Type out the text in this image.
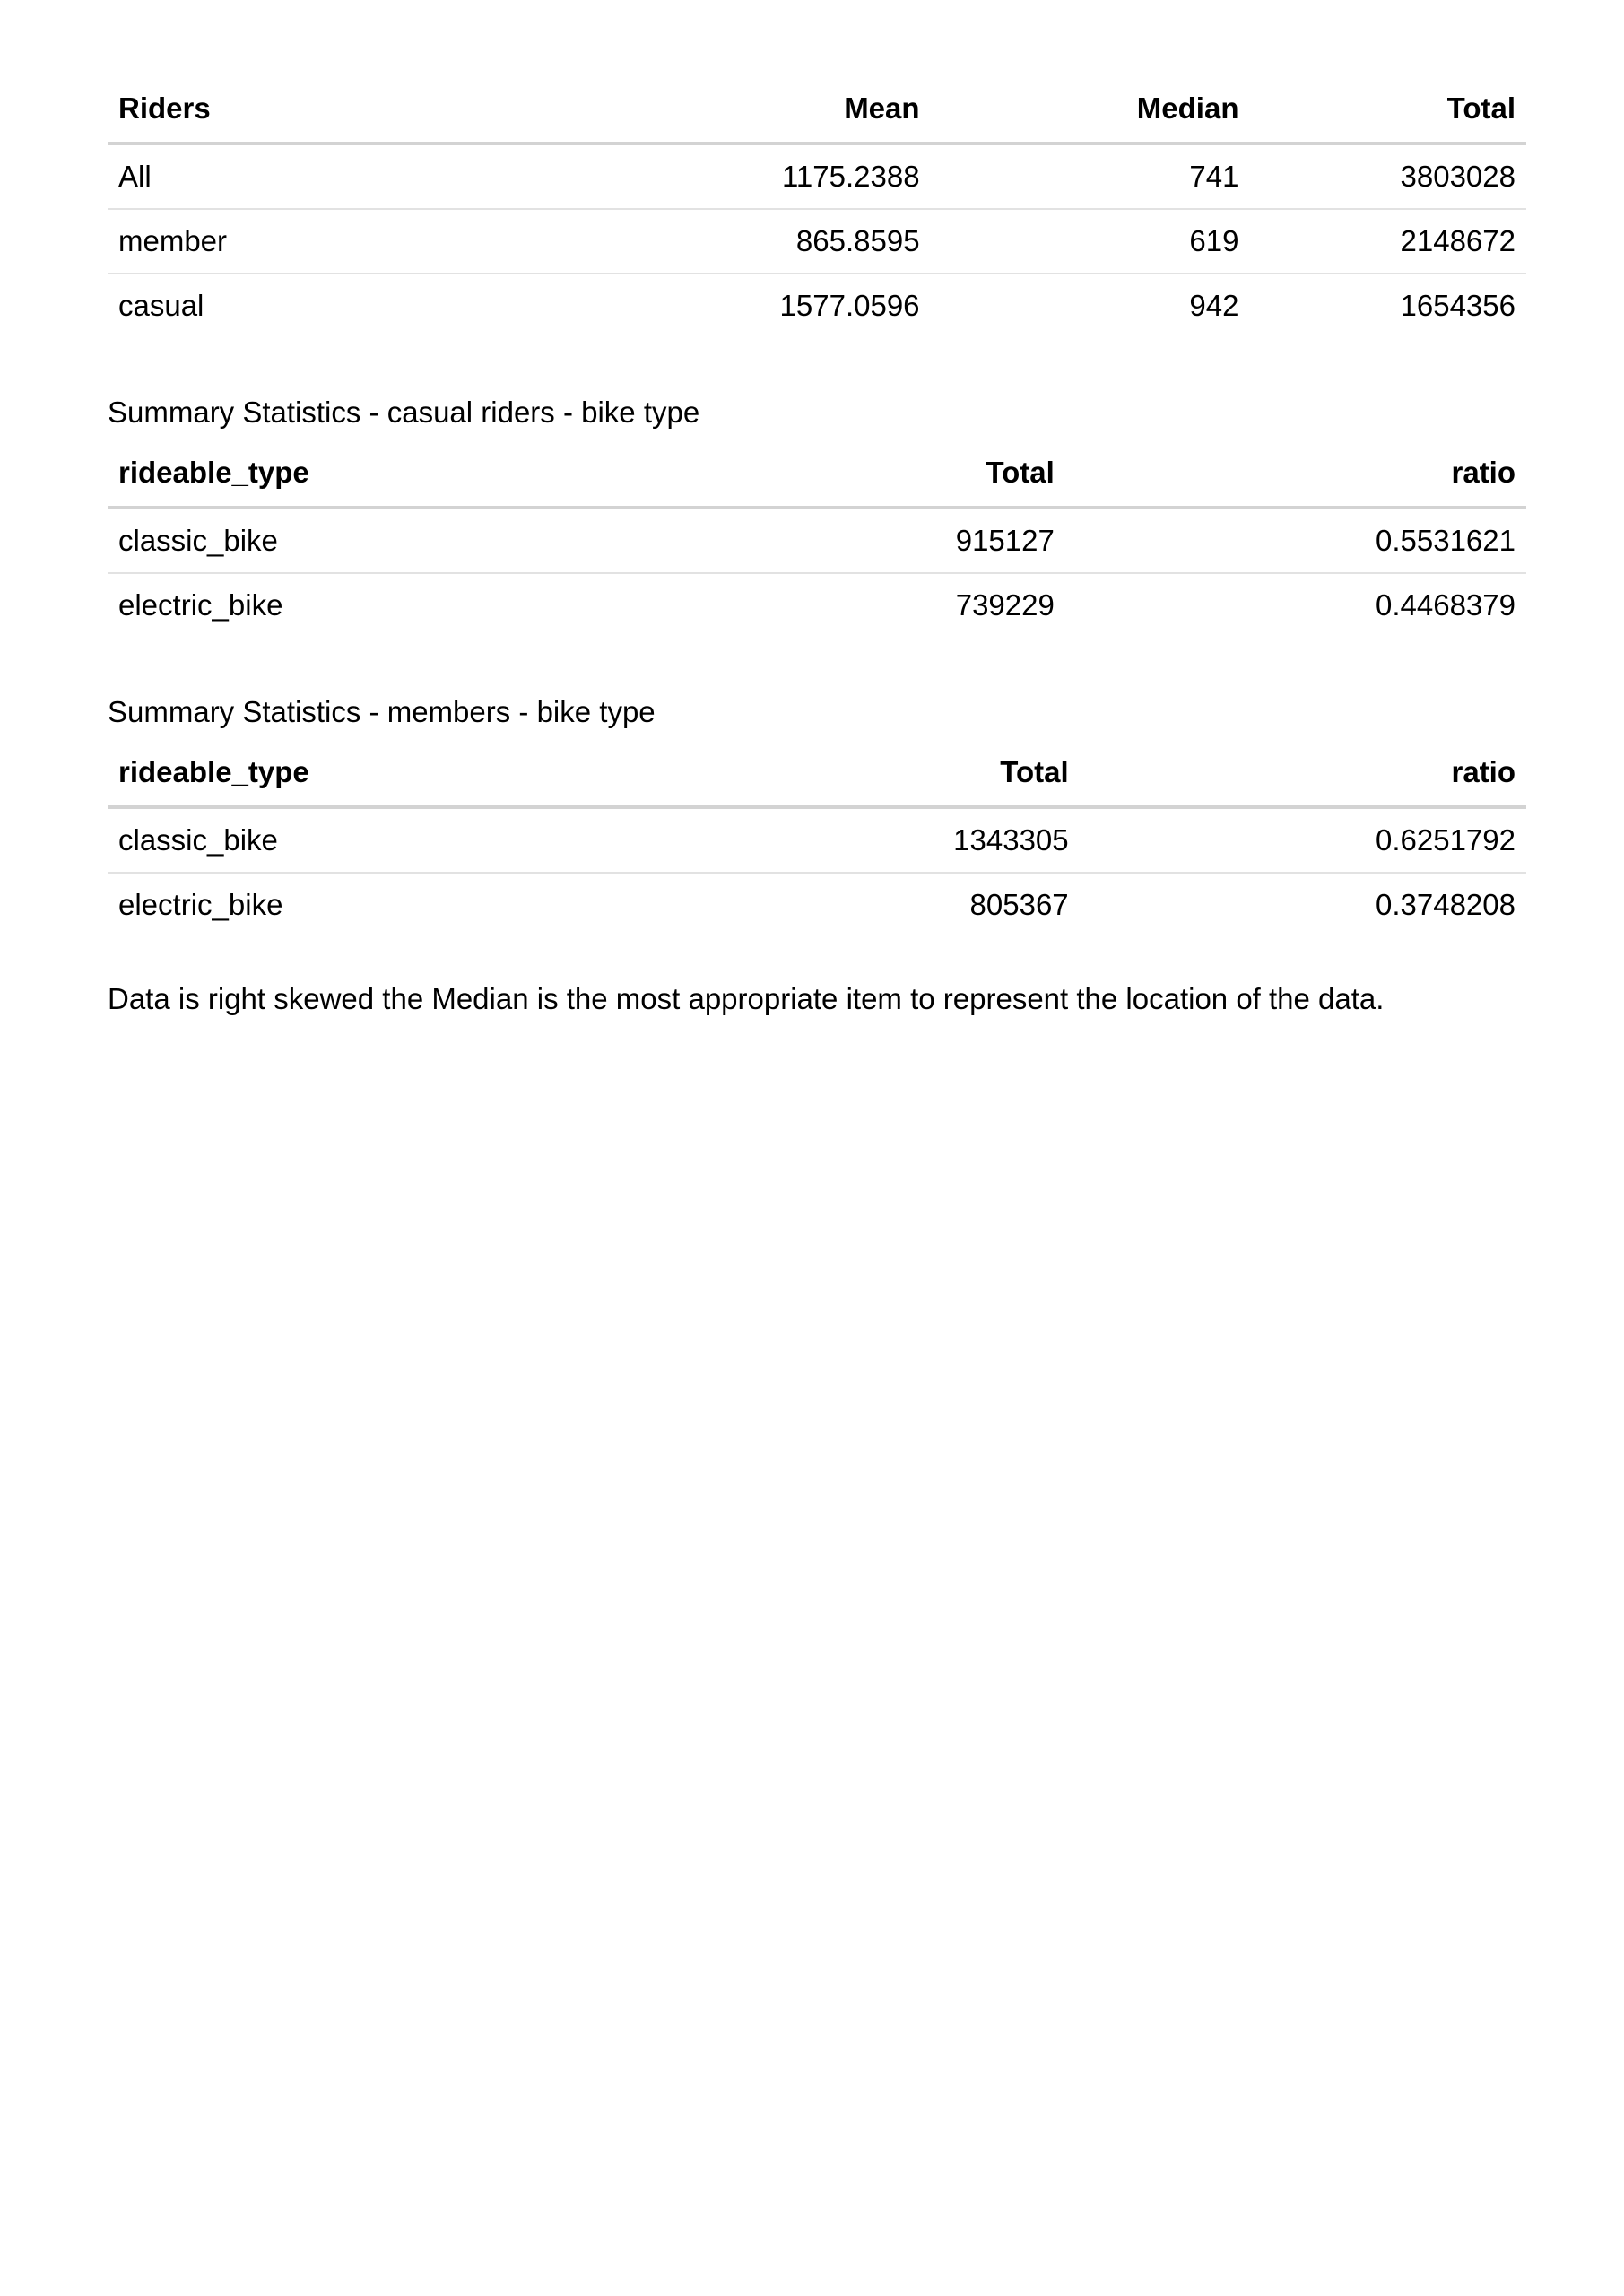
Riders	Mean	Median	Total
All	1175.2388	741	3803028
member	865.8595	619	2148672
casual	1577.0596	942	1654356
Summary Statistics - casual riders - bike type
rideable_type	Total	ratio
classic_bike	915127	0.5531621
electric_bike	739229	0.4468379
Summary Statistics - members - bike type
rideable_type	Total	ratio
classic_bike	1343305	0.6251792
electric_bike	805367	0.3748208

Data is right skewed the Median is the most appropriate item to represent the location of the data.
